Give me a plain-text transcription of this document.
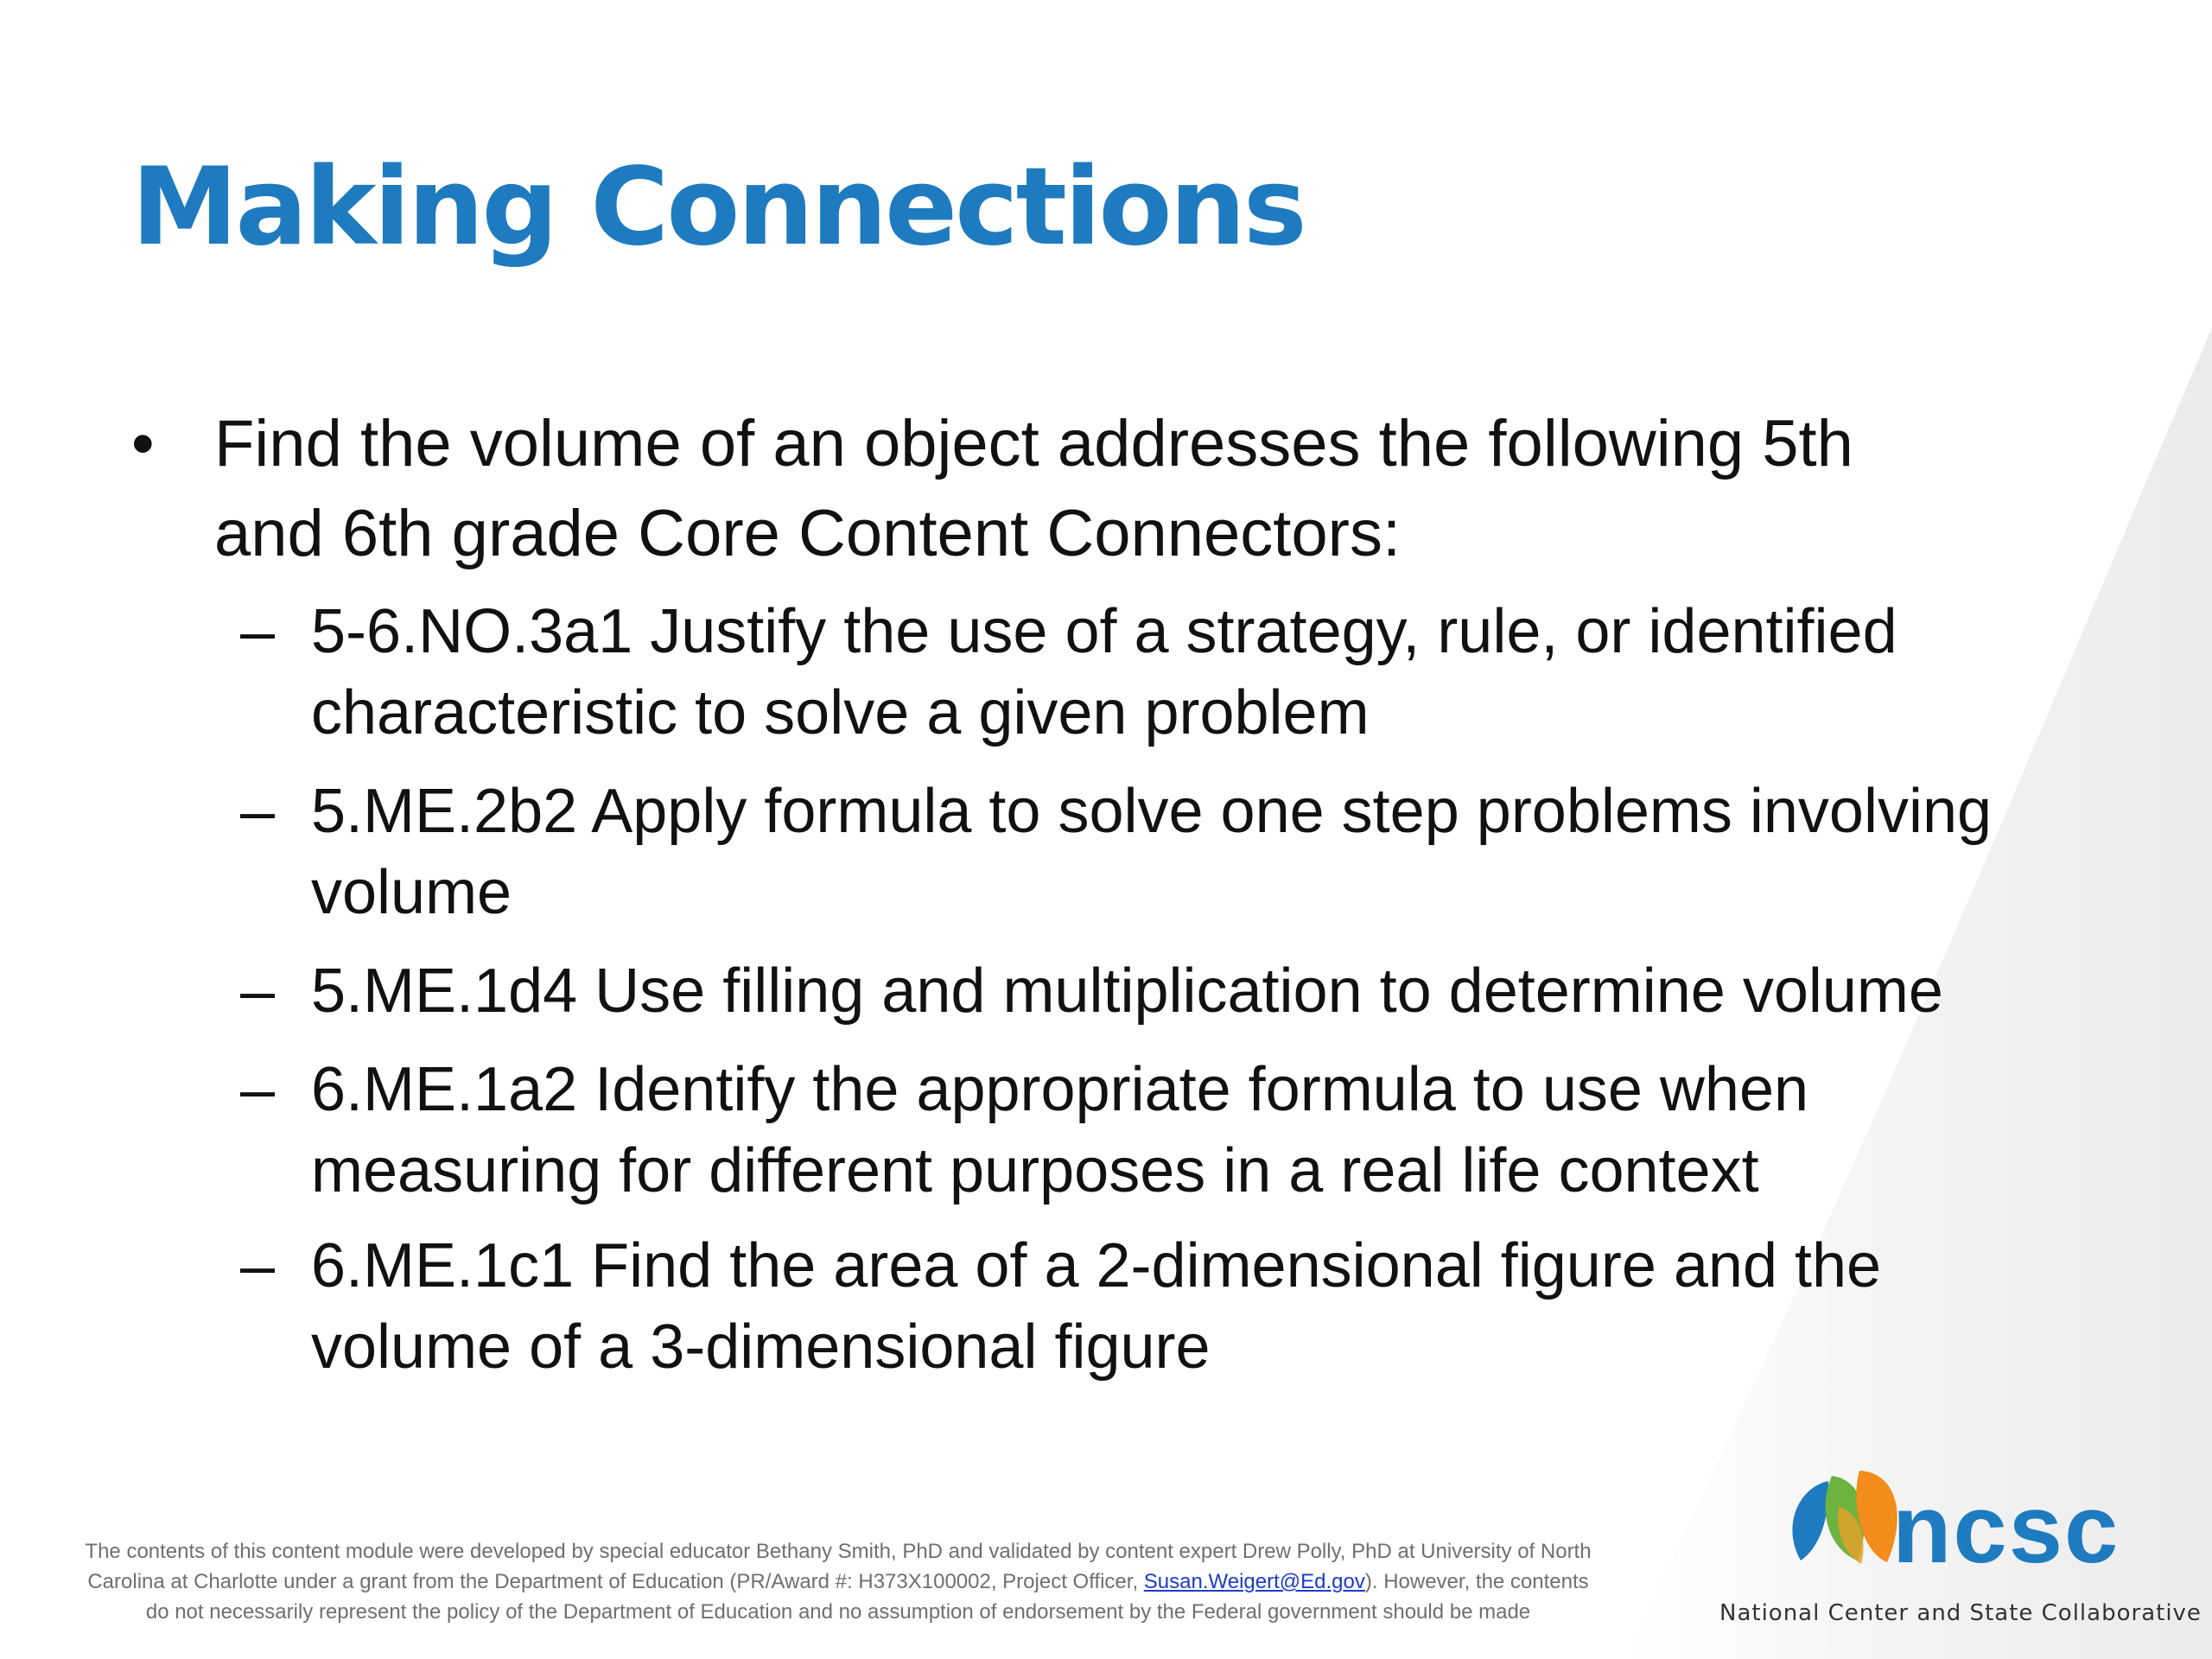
Making Connections
• Find the volume of an object addresses the following 5th
and 6th grade Core Content Connectors:
– 5-6.NO.3a1 Justify the use of a strategy, rule, or identified
characteristic to solve a given problem
– 5.ME.2b2 Apply formula to solve one step problems involving
volume
– 5.ME.1d4 Use filling and multiplication to determine volume
– 6.ME.1a2 Identify the appropriate formula to use when
measuring for different purposes in a real life context
– 6.ME.1c1 Find the area of a 2-dimensional figure and the
volume of a 3-dimensional figure
The contents of this content module were developed by special educator Bethany Smith, PhD and validated by content expert Drew Polly, PhD at University of North
Carolina at Charlotte under a grant from the Department of Education (PR/Award #: H373X100002, Project Officer, Susan.Weigert@Ed.gov). However, the contents
do not necessarily represent the policy of the Department of Education and no assumption of endorsement by the Federal government should be made
ncsc
National Center and State Collaborative
